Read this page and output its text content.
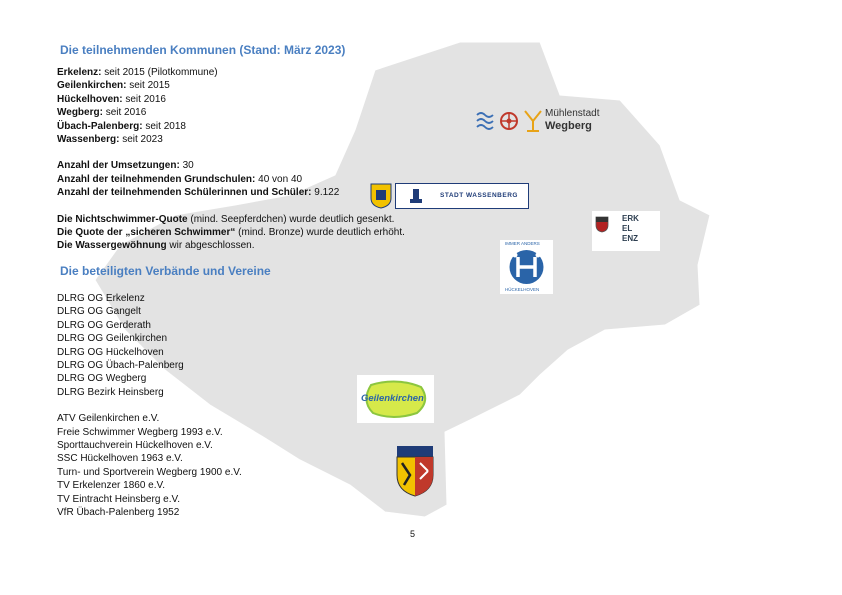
Die teilnehmenden Kommunen (Stand: März 2023)
Erkelenz: seit 2015 (Pilotkommune)
Geilenkirchen: seit 2015
Hückelhoven: seit 2016
Wegberg: seit 2016
Übach-Palenberg: seit 2018
Wassenberg: seit 2023
Anzahl der Umsetzungen: 30
Anzahl der teilnehmenden Grundschulen: 40 von 40
Anzahl der teilnehmenden Schülerinnen und Schüler: 9.122
Die Nichtschwimmer-Quote (mind. Seepferdchen) wurde deutlich gesenkt.
Die Quote der „sicheren Schwimmer“ (mind. Bronze) wurde deutlich erhöht.
Die Wassergewöhnung wir abgeschlossen.
Die beteiligten Verbände und Vereine
DLRG OG Erkelenz
DLRG OG Gangelt
DLRG OG Gerderath
DLRG OG Geilenkirchen
DLRG OG Hückelhoven
DLRG OG Übach-Palenberg
DLRG OG Wegberg
DLRG Bezirk Heinsberg
ATV Geilenkirchen e.V.
Freie Schwimmer Wegberg 1993 e.V.
Sporttauchverein Hückelhoven e.V.
SSC Hückelhoven 1963 e.V.
Turn- und Sportverein Wegberg 1900 e.V.
TV Erkelenzer 1860 e.V.
TV Eintracht Heinsberg e.V.
VfR Übach-Palenberg 1952
Mühlenstadt
Wegberg
STADT WASSENBERG
ERK
EL
ENZ
IMMER ANDERS
HÜCKELHOVEN
Geilenkirchen
5
